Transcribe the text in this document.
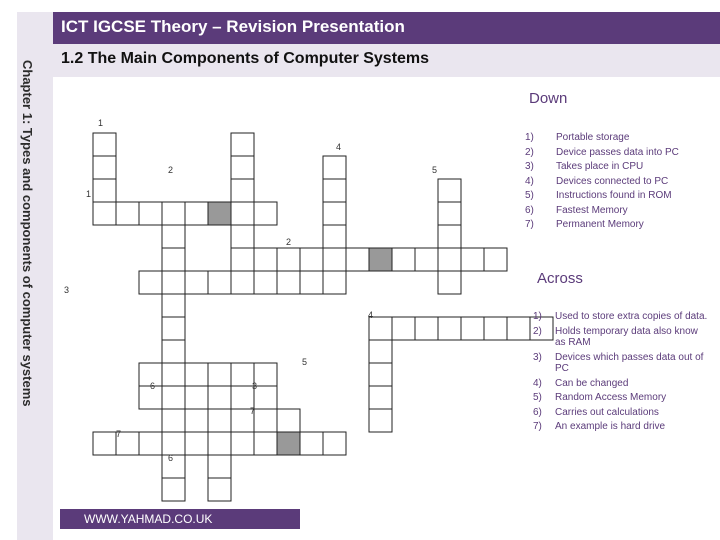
ICT IGCSE Theory – Revision Presentation
1.2 The Main Components of Computer Systems
Chapter 1: Types and components of computer systems	1
4
2	5
1
2
3
4
5
6	3
7
7
6
Down
1) Portable storage
2) Device passes data into PC
3) Takes place in CPU
4) Devices connected to PC
5) Instructions found in ROM
6) Fastest Memory
7) Permanent Memory
Across
1) Used to store extra copies of data.
2) Holds temporary data also know as RAM
3) Devices which passes data out of PC
4) Can be changed
5) Random Access Memory
6) Carries out calculations
7) An example is hard drive
WWW.YAHMAD.CO.UK
